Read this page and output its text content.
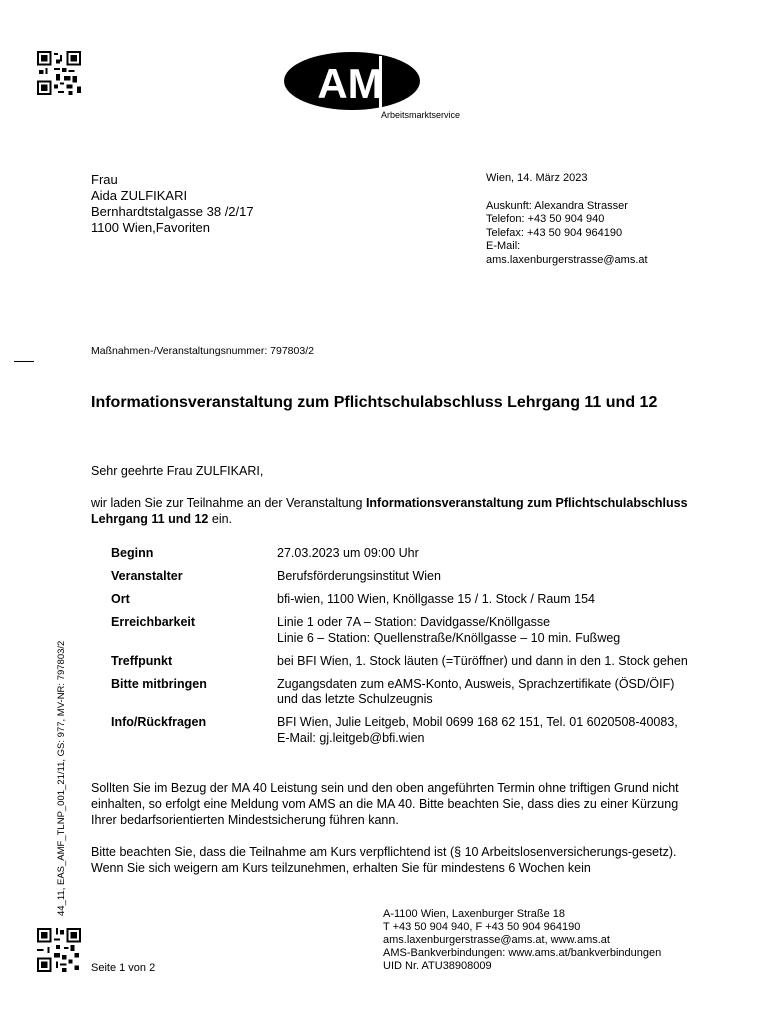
AM S
Arbeitsmarktservice
Frau
Aida ZULFIKARI
Bernhardtstalgasse 38 /2/17
1100 Wien,Favoriten
Wien, 14. März 2023
Auskunft: Alexandra Strasser
Telefon: +43 50 904 940
Telefax: +43 50 904 964190
E-Mail:
ams.laxenburgerstrasse@ams.at
Maßnahmen-/Veranstaltungsnummer: 797803/2
Informationsveranstaltung zum Pflichtschulabschluss Lehrgang 11 und 12
Sehr geehrte Frau ZULFIKARI,
wir laden Sie zur Teilnahme an der Veranstaltung Informationsveranstaltung zum Pflichtschulabschluss Lehrgang 11 und 12 ein.
Beginn	27.03.2023 um 09:00 Uhr
Veranstalter	Berufsförderungsinstitut Wien
Ort	bfi-wien, 1100 Wien, Knöllgasse 15 / 1. Stock / Raum 154
Erreichbarkeit	Linie 1 oder 7A – Station: Davidgasse/Knöllgasse
Linie 6 – Station: Quellenstraße/Knöllgasse – 10 min. Fußweg
Treffpunkt	bei BFI Wien, 1. Stock läuten (=Türöffner) und dann in den 1. Stock gehen
Bitte mitbringen	Zugangsdaten zum eAMS-Konto, Ausweis, Sprachzertifikate (ÖSD/ÖIF) und das letzte Schulzeugnis
Info/Rückfragen	BFI Wien, Julie Leitgeb, Mobil 0699 168 62 151, Tel. 01 6020508-40083, E-Mail: gj.leitgeb@bfi.wien
Sollten Sie im Bezug der MA 40 Leistung sein und den oben angeführten Termin ohne triftigen Grund nicht einhalten, so erfolgt eine Meldung vom AMS an die MA 40. Bitte beachten Sie, dass dies zu einer Kürzung Ihrer bedarfsorientierten Mindestsicherung führen kann.
Bitte beachten Sie, dass die Teilnahme am Kurs verpflichtend ist (§ 10 Arbeitslosenversicherungs-gesetz). Wenn Sie sich weigern am Kurs teilzunehmen, erhalten Sie für mindestens 6 Wochen kein
44_11, EAS_AMF_TLNP_001_21/11, GS: 977, MV-NR: 797803/2	A-1100 Wien, Laxenburger Straße 18
T +43 50 904 940, F +43 50 904 964190
ams.laxenburgerstrasse@ams.at, www.ams.at
AMS-Bankverbindungen: www.ams.at/bankverbindungen
UID Nr. ATU38908009
Seite 1 von 2
